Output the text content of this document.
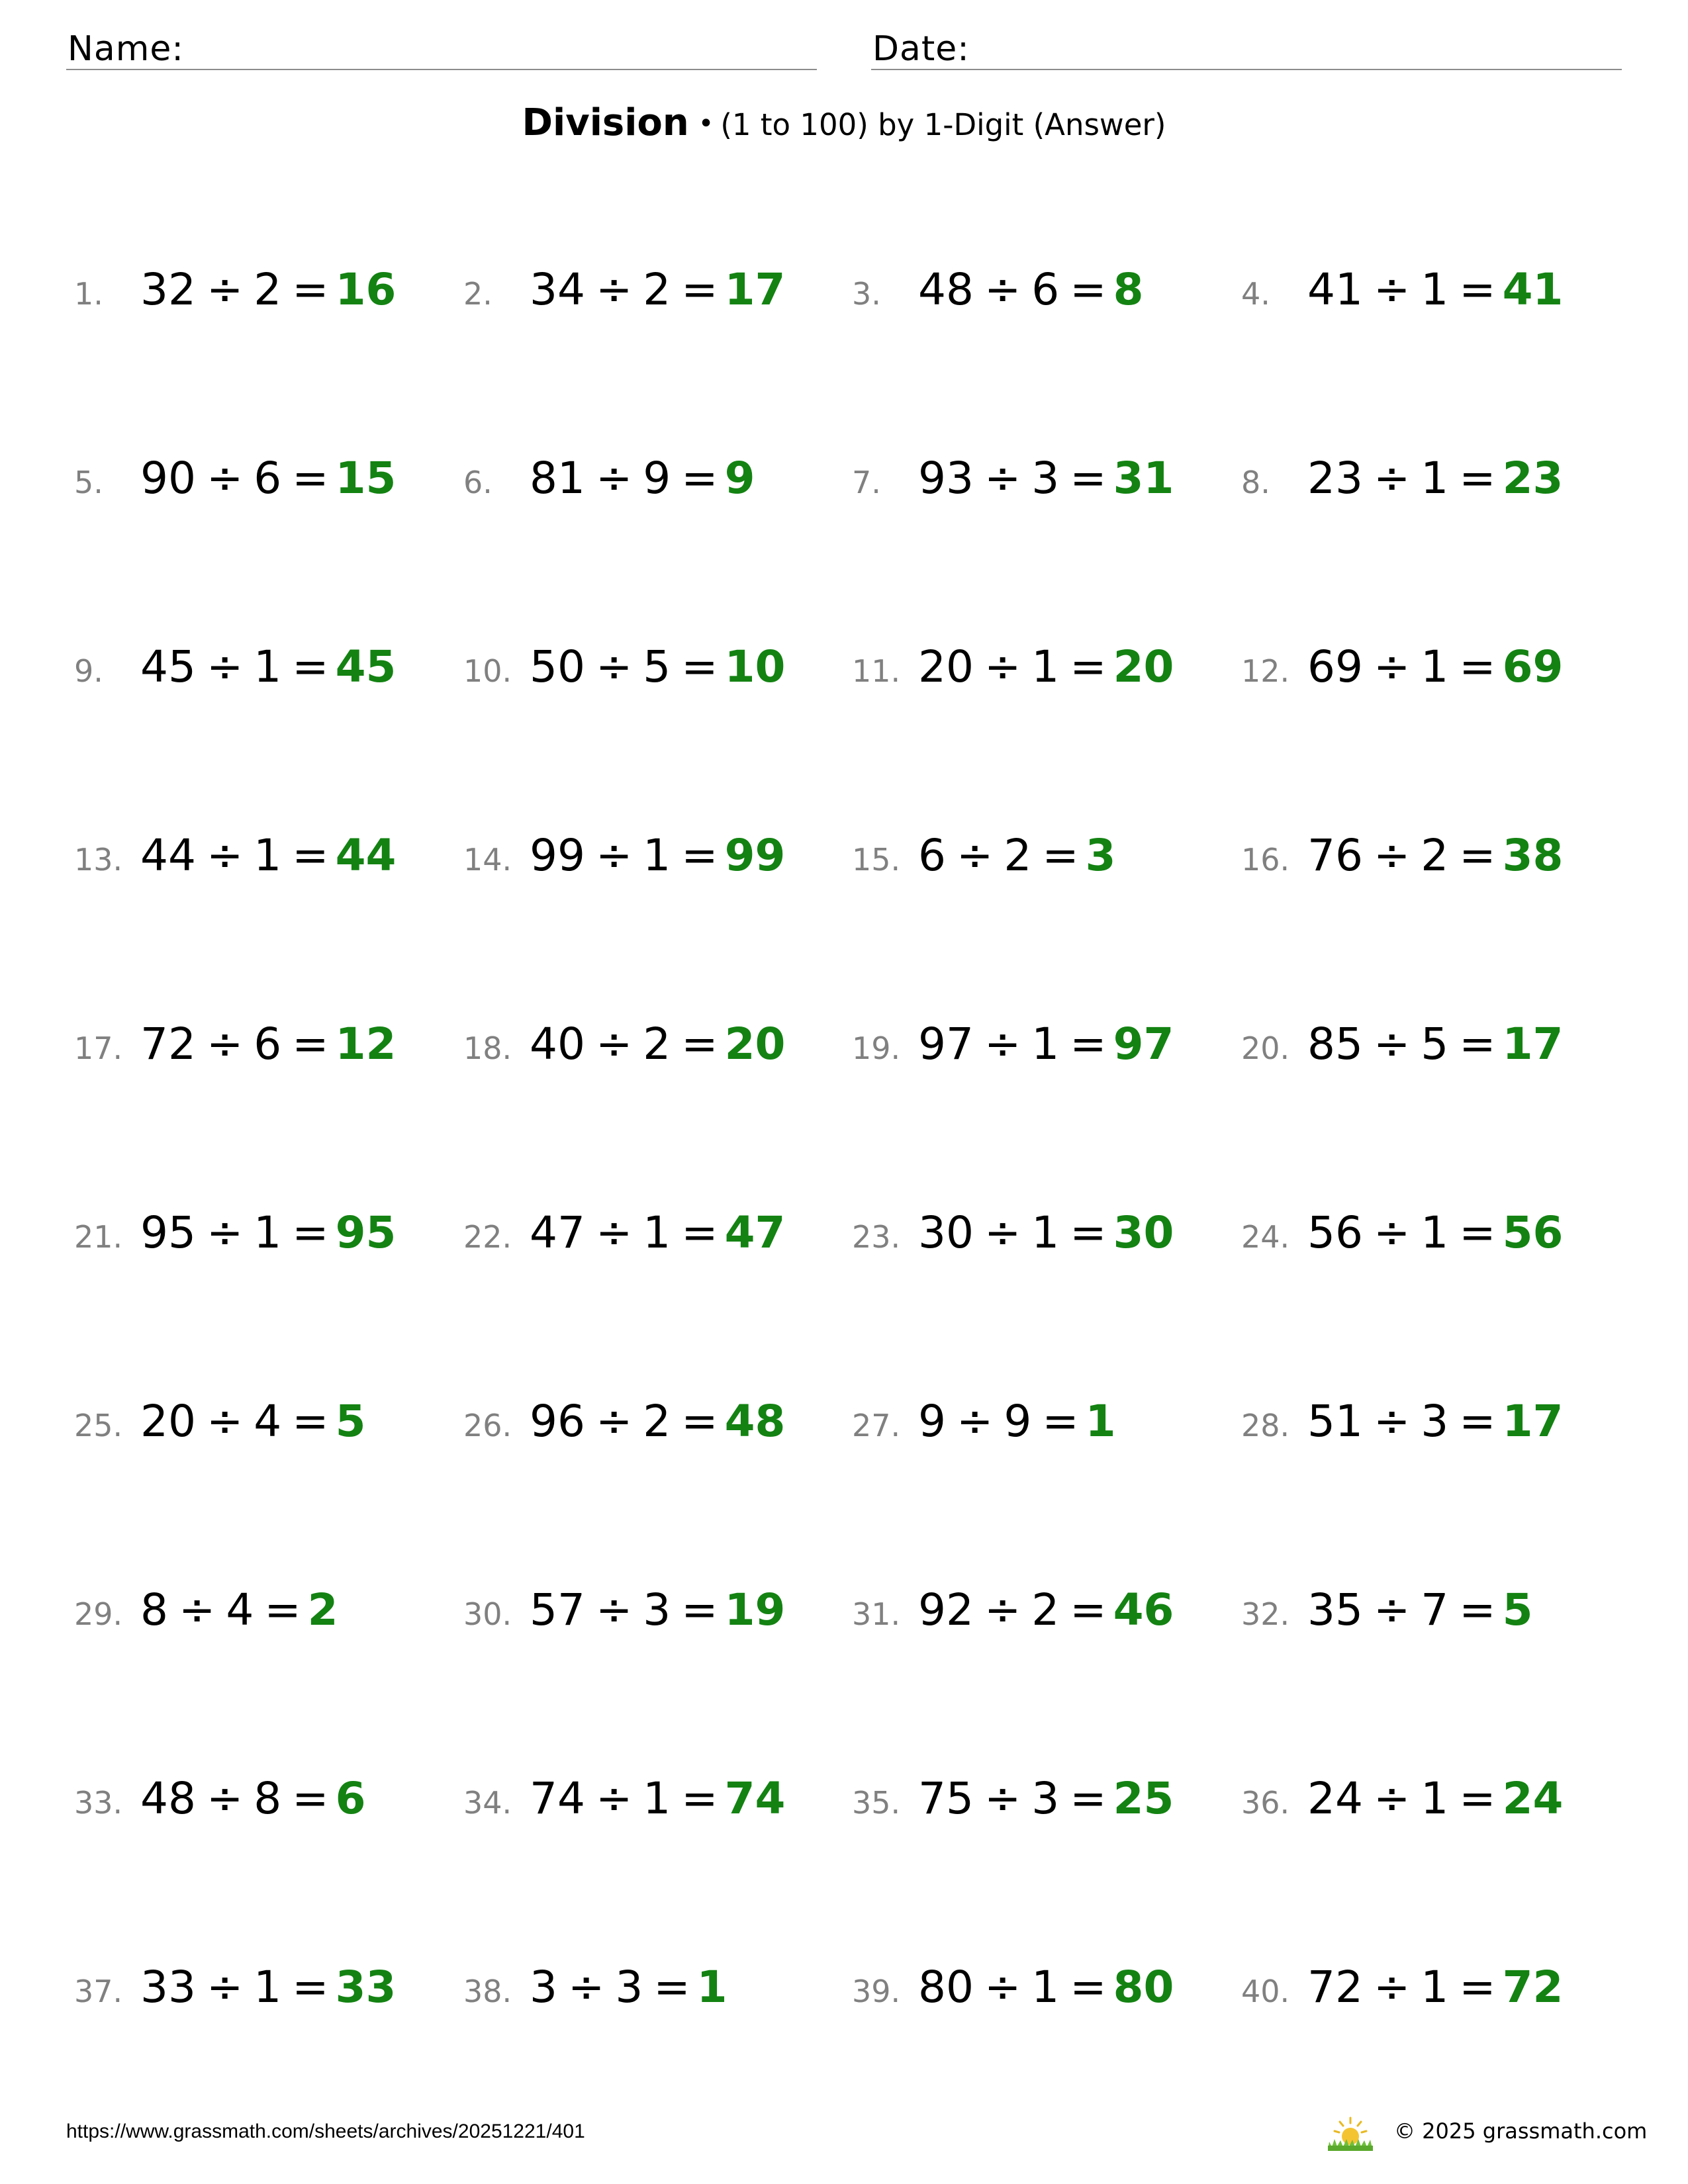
Name:	Date:
Division • (1 to 100) by 1-Digit (Answer)
1. 32 ÷ 2 = 16 2. 34 ÷ 2 = 17 3. 48 ÷ 6 = 8	4. 41 ÷ 1 = 41
5. 90 ÷ 6 = 15 6. 81 ÷ 9 = 9	7. 93 ÷ 3 = 31 8. 23 ÷ 1 = 23
9. 45 ÷ 1 = 45 10. 50 ÷ 5 = 10 11. 20 ÷ 1 = 20 12. 69 ÷ 1 = 69
13. 44 ÷ 1 = 44 14. 99 ÷ 1 = 99 15. 6 ÷ 2 = 3	16. 76 ÷ 2 = 38
17. 72 ÷ 6 = 12 18. 40 ÷ 2 = 20 19. 97 ÷ 1 = 97 20. 85 ÷ 5 = 17
21. 95 ÷ 1 = 95 22. 47 ÷ 1 = 47 23. 30 ÷ 1 = 30 24. 56 ÷ 1 = 56
25. 20 ÷ 4 = 5	26. 96 ÷ 2 = 48 27. 9 ÷ 9 = 1	28. 51 ÷ 3 = 17
29. 8 ÷ 4 = 2	30. 57 ÷ 3 = 19 31. 92 ÷ 2 = 46 32. 35 ÷ 7 = 5
33. 48 ÷ 8 = 6	34. 74 ÷ 1 = 74 35. 75 ÷ 3 = 25 36. 24 ÷ 1 = 24
37. 33 ÷ 1 = 33 38. 3 ÷ 3 = 1	39. 80 ÷ 1 = 80 40. 72 ÷ 1 = 72
https://www.grassmath.com/sheets/archives/20251221/401	© 2025 grassmath.com
